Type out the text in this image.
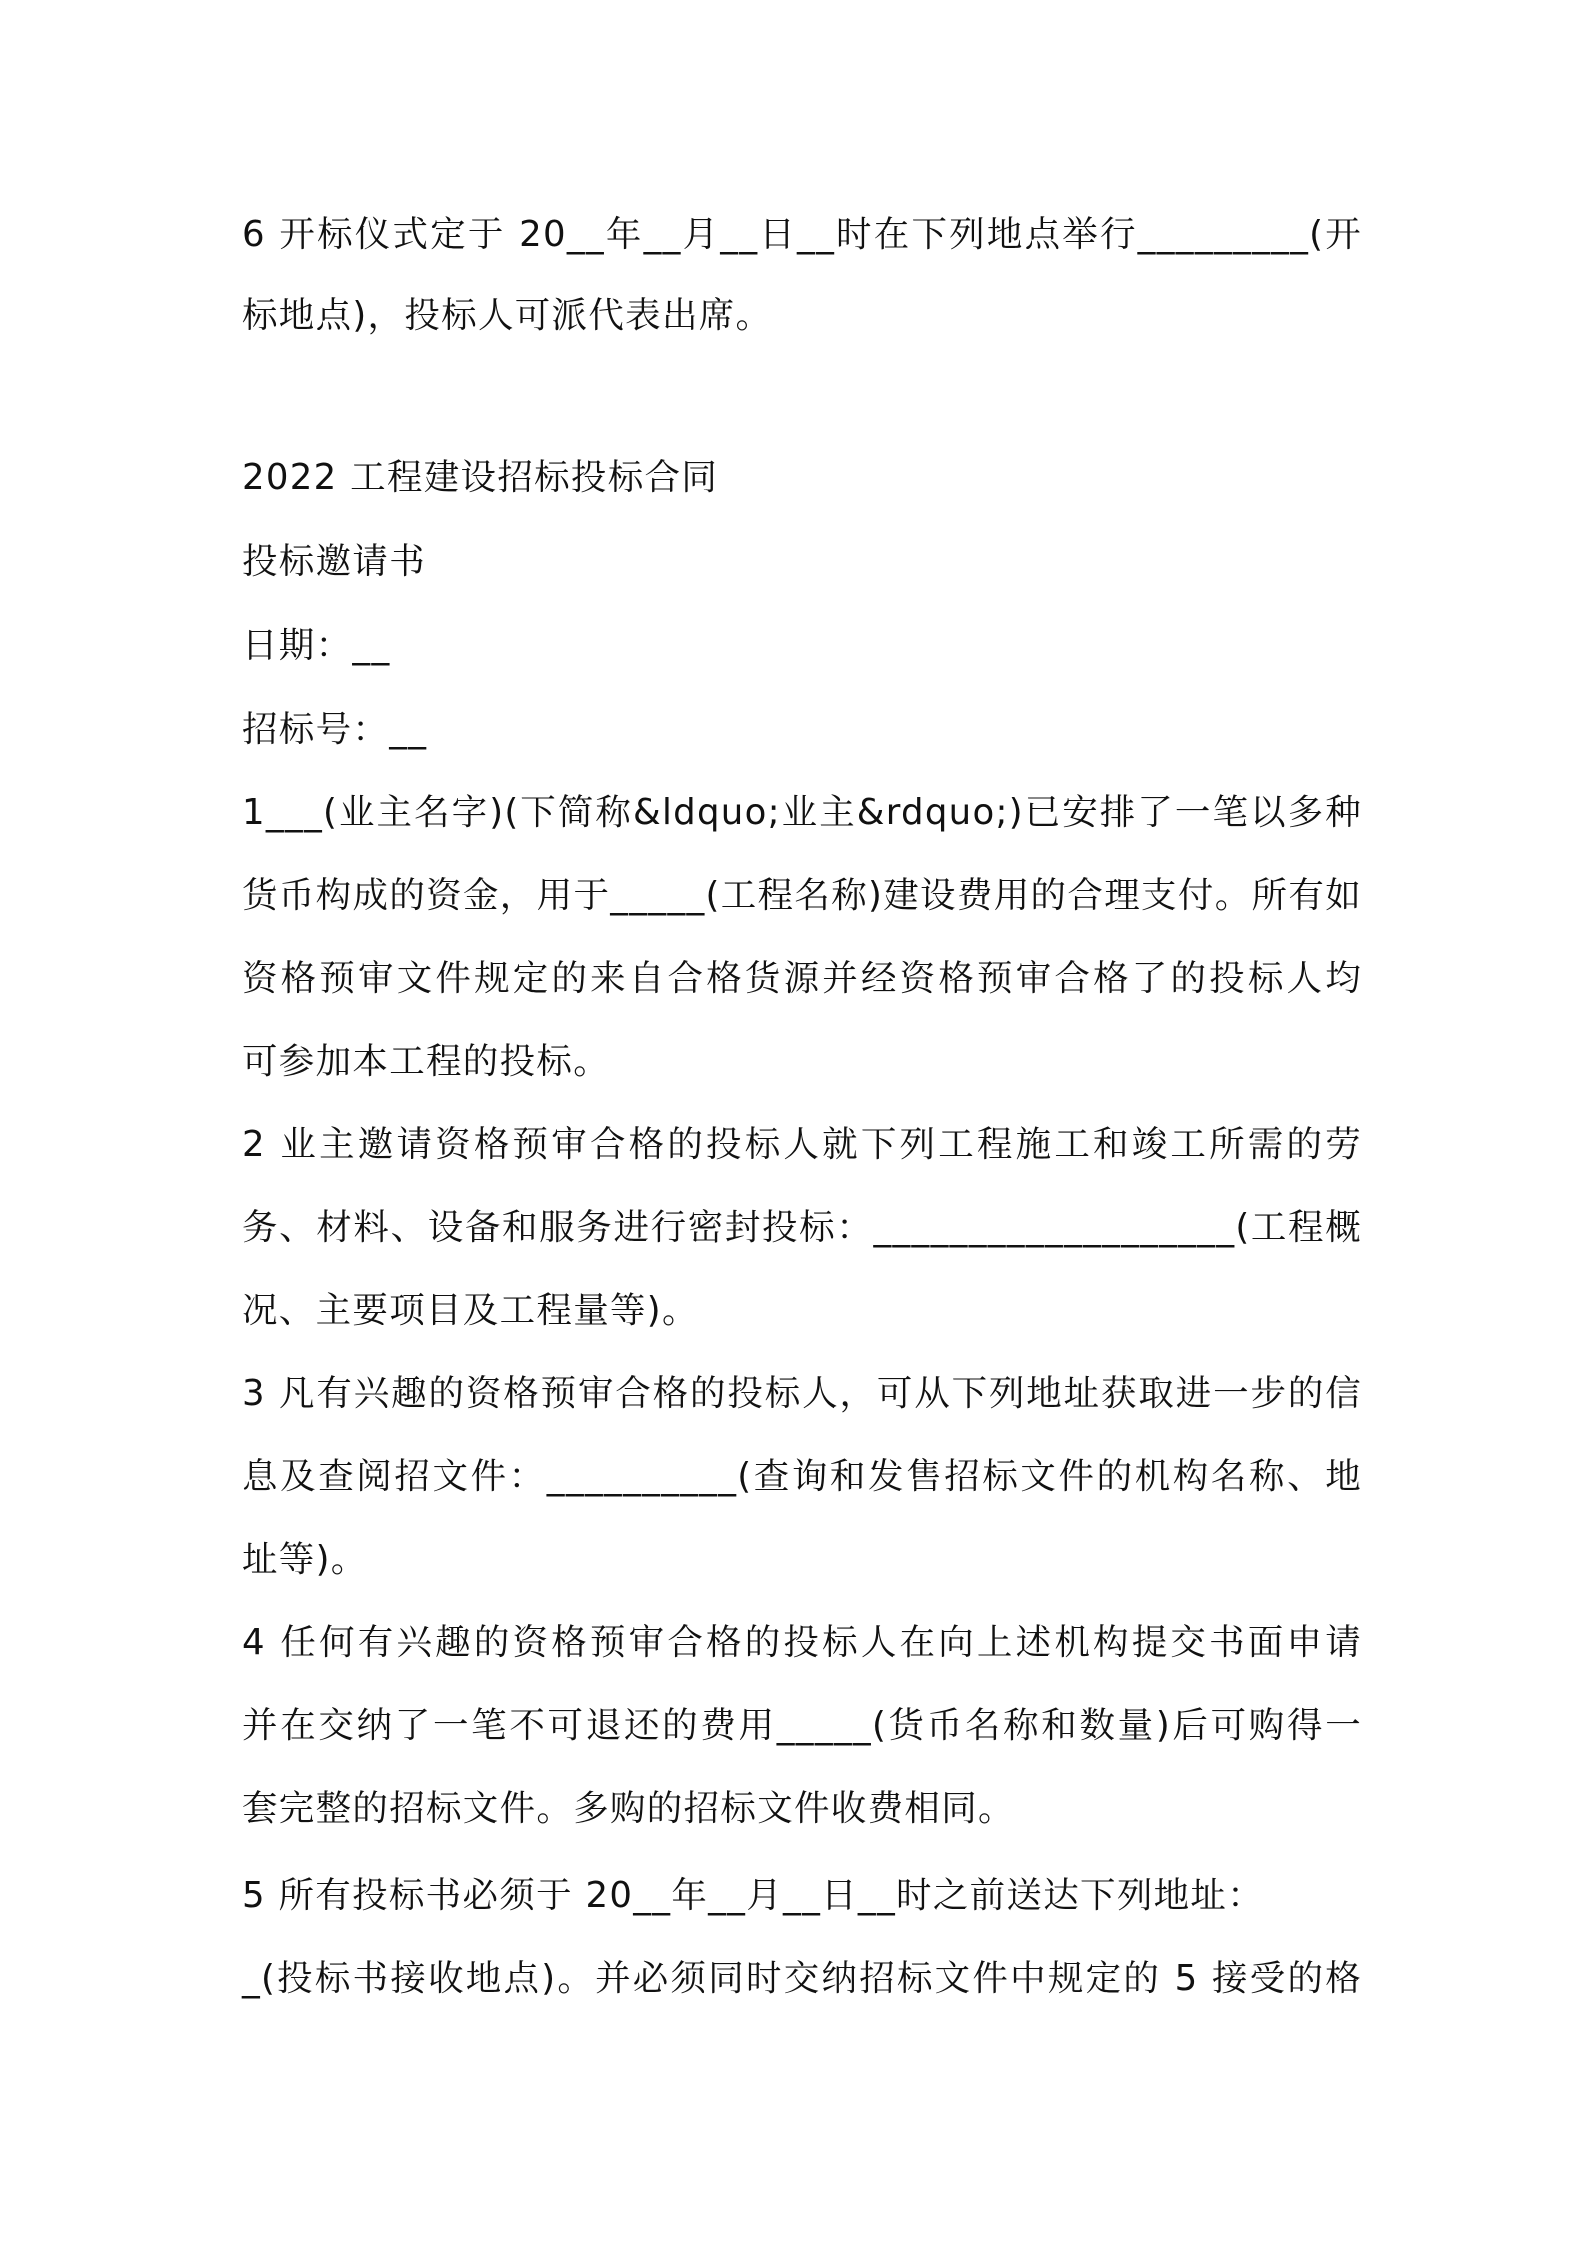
6 开标仪式定于 20__年__月__日__时在下列地点举行_________(开
标地点)，投标人可派代表出席。
2022 工程建设招标投标合同
投标邀请书
日期：__
招标号：__
1___(业主名字)(下简称&ldquo;业主&rdquo;)已安排了一笔以多种
货币构成的资金，用于_____(工程名称)建设费用的合理支付。所有如
资格预审文件规定的来自合格货源并经资格预审合格了的投标人均
可参加本工程的投标。
2 业主邀请资格预审合格的投标人就下列工程施工和竣工所需的劳
务、材料、设备和服务进行密封投标：___________________(工程概
况、主要项目及工程量等)。
3 凡有兴趣的资格预审合格的投标人，可从下列地址获取进一步的信
息及查阅招文件：__________(查询和发售招标文件的机构名称、地
址等)。
4 任何有兴趣的资格预审合格的投标人在向上述机构提交书面申请
并在交纳了一笔不可退还的费用_____(货币名称和数量)后可购得一
套完整的招标文件。多购的招标文件收费相同。
5 所有投标书必须于 20__年__月__日__时之前送达下列地址：
_(投标书接收地点)。并必须同时交纳招标文件中规定的 5 接受的格
